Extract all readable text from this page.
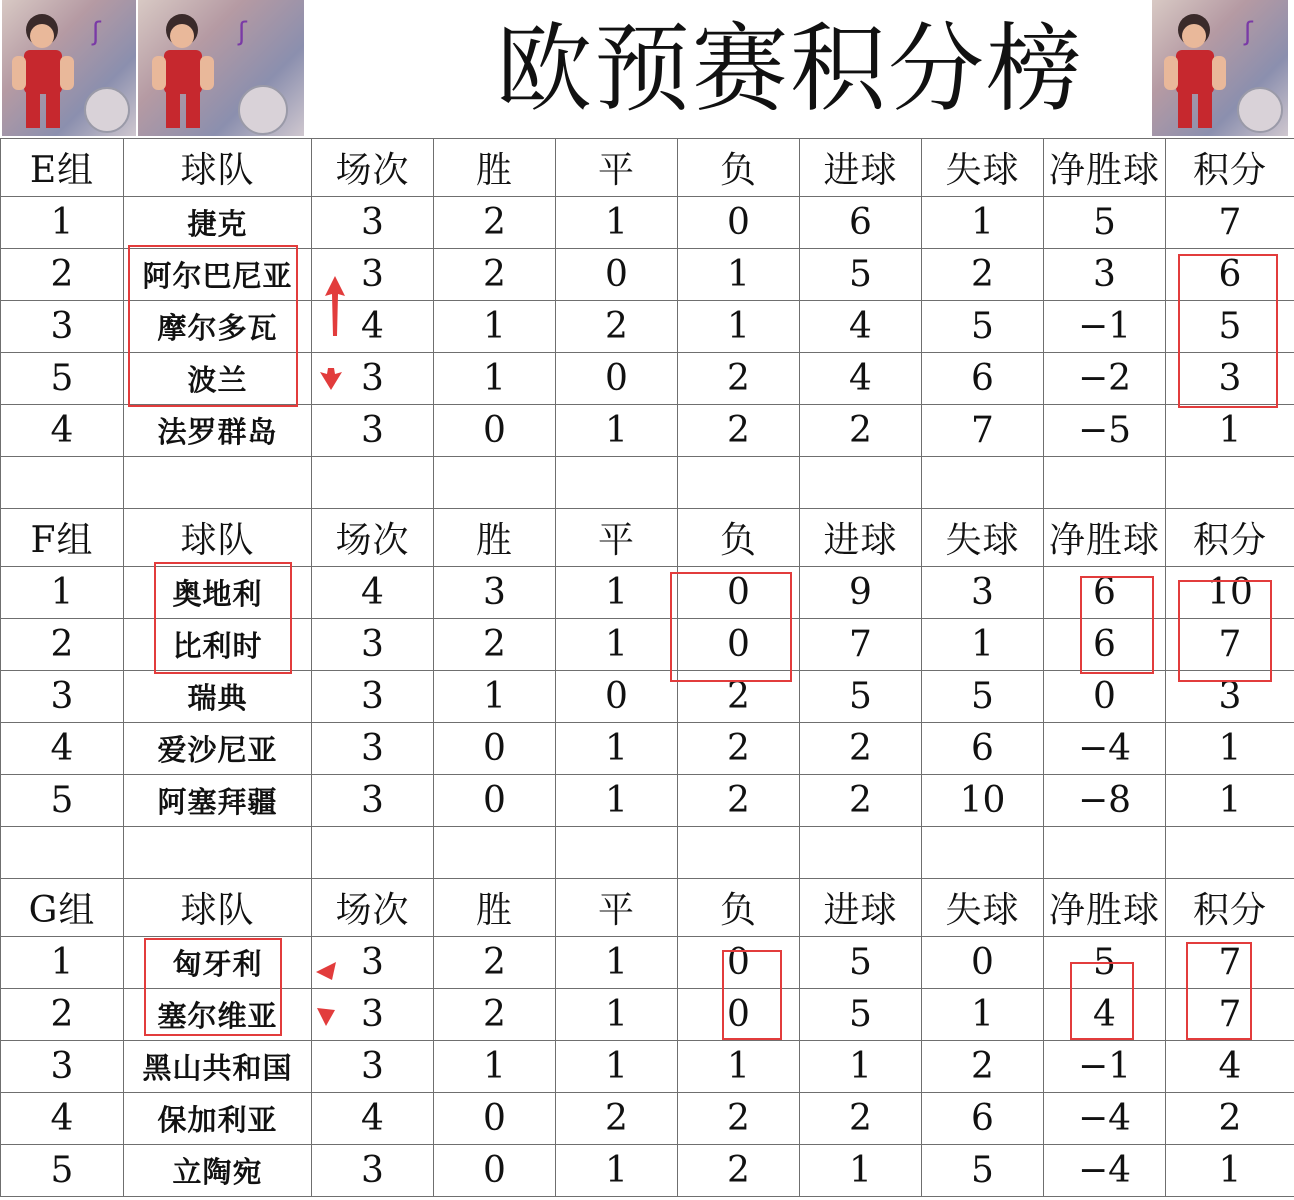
ʃ	ʃ	欧预赛积分榜	ʃ
E组	球队	场次	胜	平	负	进球	失球	净胜球	积分
1	捷克	3	2	1	0	6	1	5	7
2	阿尔巴尼亚	3	2	0	1	5	2	3	6
3	摩尔多瓦	4	1	2	1	4	5	−1	5
5	波兰	3	1	0	2	4	6	−2	3
4	法罗群岛	3	0	1	2	2	7	−5	1

F组	球队	场次	胜	平	负	进球	失球	净胜球	积分
1	奥地利	4	3	1	0	9	3	6	10
2	比利时	3	2	1	0	7	1	6	7
3	瑞典	3	1	0	2	5	5	0	3
4	爱沙尼亚	3	0	1	2	2	6	−4	1
5	阿塞拜疆	3	0	1	2	2	10	−8	1

G组	球队	场次	胜	平	负	进球	失球	净胜球	积分
1	匈牙利	3	2	1	0	5	0	5	7
2	塞尔维亚	3	2	1	0	5	1	4	7
3	黑山共和国	3	1	1	1	1	2	−1	4
4	保加利亚	4	0	2	2	2	6	−4	2
5	立陶宛	3	0	1	2	1	5	−4	1
